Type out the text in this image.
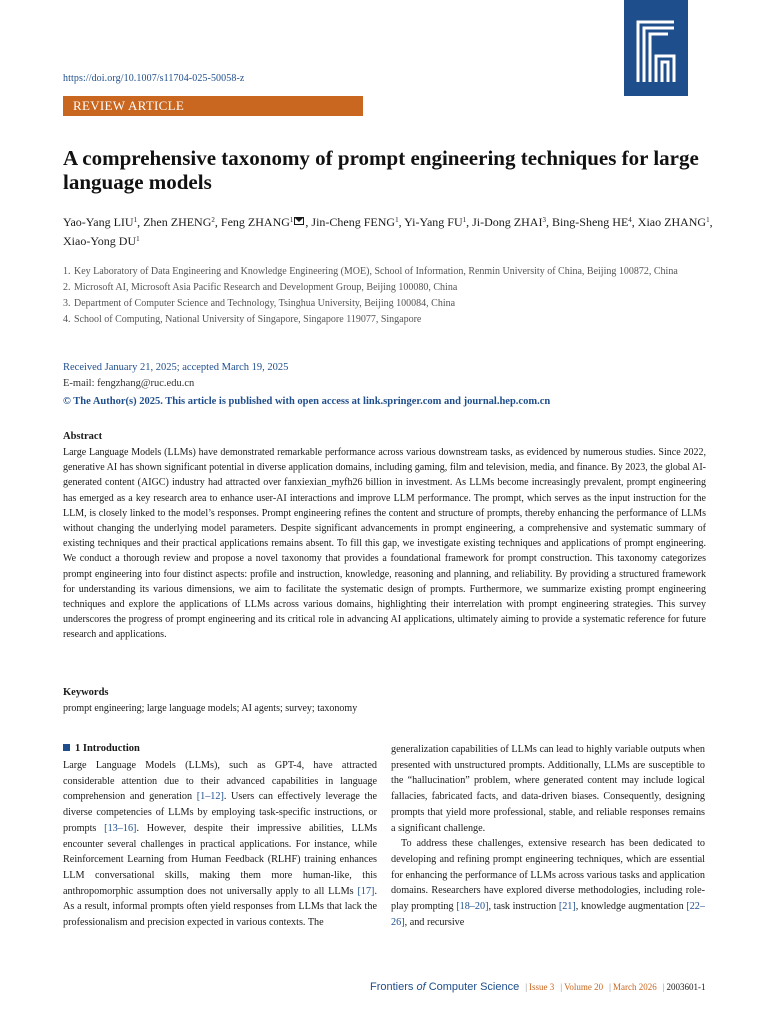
https://doi.org/10.1007/s11704-025-50058-z
REVIEW ARTICLE
A comprehensive taxonomy of prompt engineering techniques for large language models
Yao-Yang LIU$^1$, Zhen ZHENG$^2$, Feng ZHANG$^1$ , Jin-Cheng FENG$^1$, Yi-Yang $FU^1$, Ji-Dong ZHAI$^3$, Bing-Sheng $HE^4$, Xiao ZHANG$^1$, Xiao-Yong $DU^1$
1. Key Laboratory of Data Engineering and Knowledge Engineering (MOE), School of Information, Renmin University of China, Beijing 100872, China
2. Microsoft AI, Microsoft Asia Pacific Research and Development Group, Beijing 100080, China
3. Department of Computer Science and Technology, Tsinghua University, Beijing 100084, China
4. School of Computing, National University of Singapore, Singapore 119077, Singapore
Received January 21, 2025; accepted March 19, 2025
E-mail: fengzhang@ruc.edu.cn
© The Author(s) 2025. This article is published with open access at link.springer.com and journal.hep.com.cn
Abstract

Large Language Models (LLMs) have demonstrated remarkable performance across various downstream tasks, as evidenced by numerous studies. Since 2022, generative AI has shown significant potential in diverse application domains, including gaming, film and television, media, and finance. By 2023, the global AI-generated content (AIGC) industry had attracted over fanxiexian_myfh26 billion in investment. As LLMs become increasingly prevalent, prompt engineering has emerged as a key research area to enhance user-AI interactions and improve LLM performance. The prompt, which serves as the input instruction for the LLM, is closely linked to the model’s responses. Prompt engineering refines the content and structure of prompts, thereby enhancing the performance of LLMs without changing the underlying model parameters. Despite significant advancements in prompt engineering, a comprehensive and systematic summary of existing techniques and their practical applications remains absent. To fill this gap, we investigate existing techniques and applications of prompt engineering. We conduct a thorough review and propose a novel taxonomy that provides a foundational framework for prompt construction. This taxonomy categorizes prompt engineering into four distinct aspects: profile and instruction, knowledge, reasoning and planning, and reliability. By providing a structured framework for understanding its various dimensions, we aim to facilitate the systematic design of prompts. Furthermore, we summarize existing prompt engineering techniques and explore the applications of LLMs across various domains, highlighting their interrelation with prompt engineering strategies. This survey underscores the progress of prompt engineering and its critical role in advancing AI applications, ultimately aiming to provide a systematic reference for future research and applications.

Keywords
prompt engineering; large language models; AI agents; survey; taxonomy
1 Introduction

Large Language Models (LLMs), such as GPT-4, have attracted considerable attention due to their advanced capabilities in language comprehension and generation [1–12]. Users can effectively leverage the diverse competencies of LLMs by employing task-specific instructions, or prompts [13–16]. However, despite their impressive abilities, LLMs encounter several challenges in practical applications. For instance, while Reinforcement Learning from Human Feedback (RLHF) training enhances LLM conversational skills, making them more human-like, this anthropomorphic assumption does not universally apply to all LLMs [17]. As a result, informal prompts often yield responses from LLMs that lack the professionalism and precision expected in various contexts. The

generalization capabilities of LLMs can lead to highly variable outputs when presented with unstructured prompts. Additionally, LLMs are susceptible to the “hallucination” problem, where generated content may include logical fallacies, fabricated facts, and data-driven biases. Consequently, designing prompts that yield more professional, stable, and reliable responses remains a significant challenge.

To address these challenges, extensive research has been dedicated to developing and refining prompt engineering techniques, which are essential for enhancing the performance of LLMs across various tasks and application domains. Researchers have explored diverse methodologies, including role-play prompting [18–20], task instruction [21], knowledge augmentation [22–26], and recursive

Frontiers of Computer Science | Issue 3 | Volume 20 | March 2026 | 2003601-1
